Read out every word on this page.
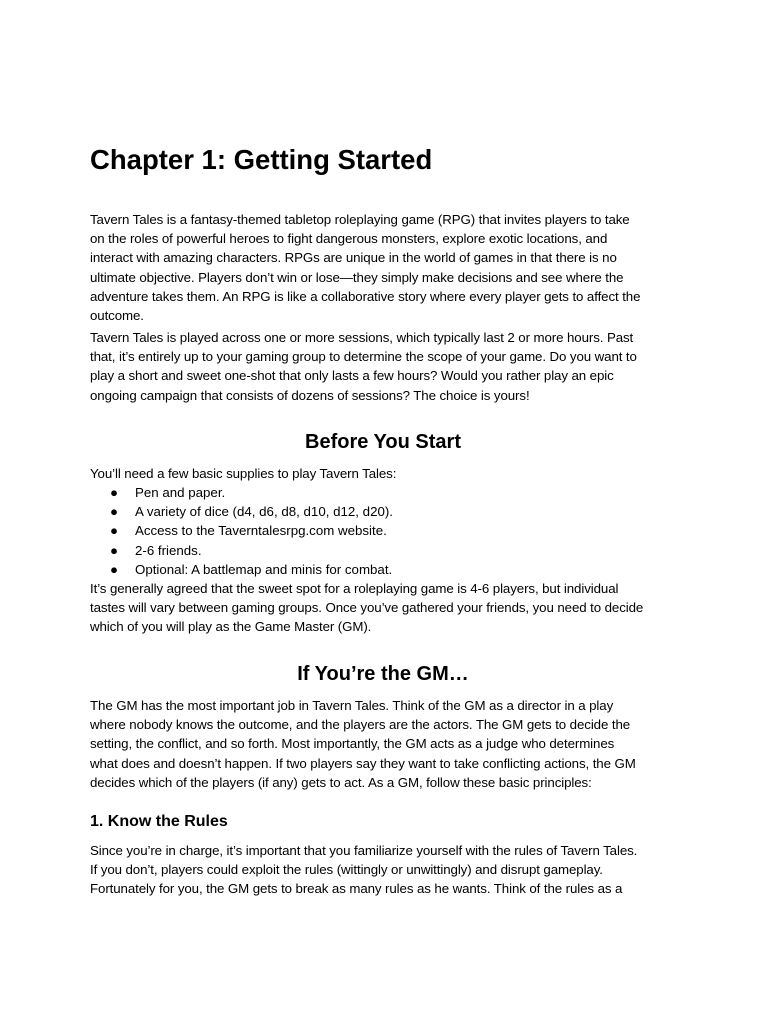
Chapter 1: Getting Started

Tavern Tales is a fantasy-themed tabletop roleplaying game (RPG) that invites players to take
on the roles of powerful heroes to fight dangerous monsters, explore exotic locations, and
interact with amazing characters. RPGs are unique in the world of games in that there is no
ultimate objective. Players don’t win or lose—they simply make decisions and see where the
adventure takes them. An RPG is like a collaborative story where every player gets to affect the
outcome.

Tavern Tales is played across one or more sessions, which typically last 2 or more hours. Past
that, it’s entirely up to your gaming group to determine the scope of your game. Do you want to
play a short and sweet one-shot that only lasts a few hours? Would you rather play an epic
ongoing campaign that consists of dozens of sessions? The choice is yours!

Before You Start

You’ll need a few basic supplies to play Tavern Tales:

● Pen and paper.
● A variety of dice (d4, d6, d8, d10, d12, d20).
● Access to the Taverntalesrpg.com website.
● 2-6 friends.
● Optional: A battlemap and minis for combat.

It’s generally agreed that the sweet spot for a roleplaying game is 4-6 players, but individual
tastes will vary between gaming groups. Once you’ve gathered your friends, you need to decide
which of you will play as the Game Master (GM).

If You’re the GM…

The GM has the most important job in Tavern Tales. Think of the GM as a director in a play
where nobody knows the outcome, and the players are the actors. The GM gets to decide the
setting, the conflict, and so forth. Most importantly, the GM acts as a judge who determines
what does and doesn’t happen. If two players say they want to take conflicting actions, the GM
decides which of the players (if any) gets to act. As a GM, follow these basic principles:

1. Know the Rules

Since you’re in charge, it’s important that you familiarize yourself with the rules of Tavern Tales.
If you don’t, players could exploit the rules (wittingly or unwittingly) and disrupt gameplay.
Fortunately for you, the GM gets to break as many rules as he wants. Think of the rules as a
